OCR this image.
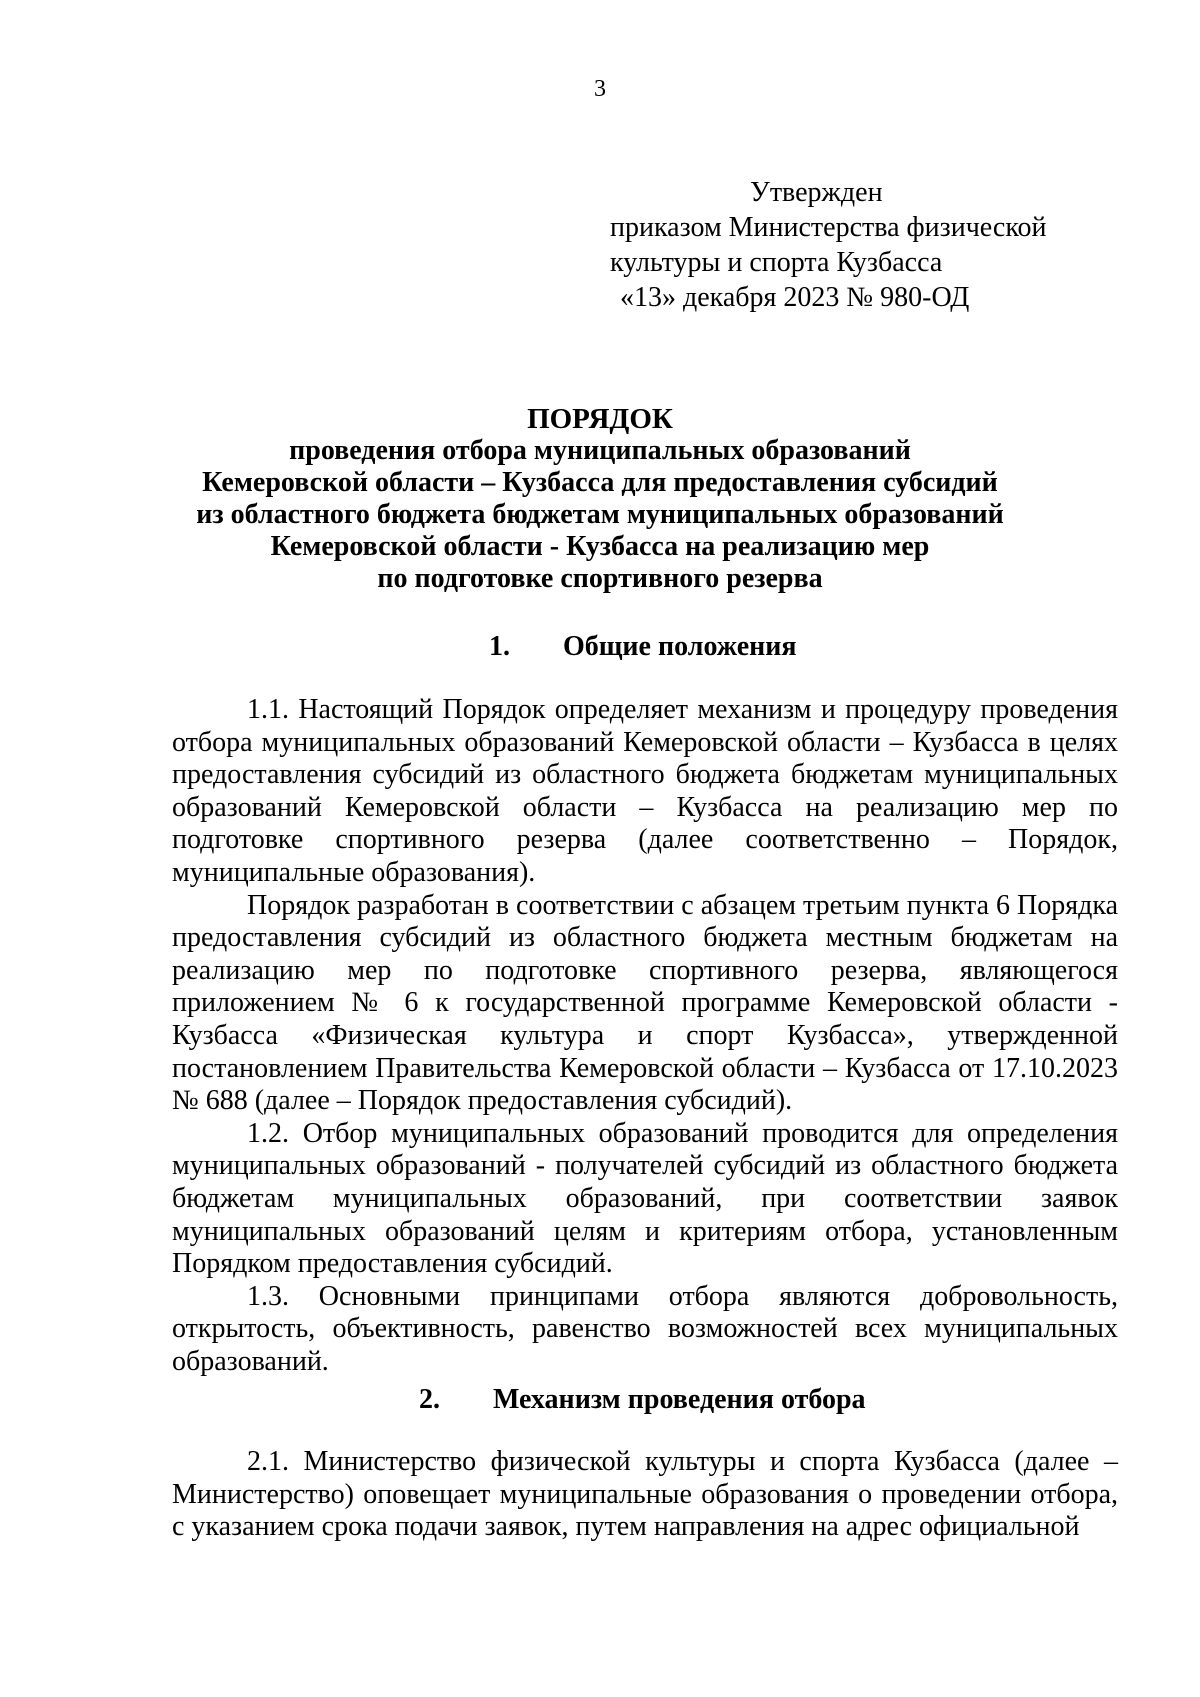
3
Утвержден
приказом Министерства физической
культуры и спорта Кузбасса
«13» декабря 2023 № 980-ОД
ПОРЯДОК
проведения отбора муниципальных образований
Кемеровской области – Кузбасса для предоставления субсидий
из областного бюджета бюджетам муниципальных образований
Кемеровской области - Кузбасса на реализацию мер
по подготовке спортивного резерва
1. Общие положения

1.1. Настоящий Порядок определяет механизм и процедуру проведения отбора муниципальных образований Кемеровской области – Кузбасса в целях предоставления субсидий из областного бюджета бюджетам муниципальных образований Кемеровской области – Кузбасса на реализацию мер по подготовке спортивного резерва (далее соответственно – Порядок, муниципальные образования).

Порядок разработан в соответствии с абзацем третьим пункта 6 Порядка предоставления субсидий из областного бюджета местным бюджетам на реализацию мер по подготовке спортивного резерва, являющегося приложением № 6 к государственной программе Кемеровской области - Кузбасса «Физическая культура и спорт Кузбасса», утвержденной постановлением Правительства Кемеровской области – Кузбасса от 17.10.2023 № 688 (далее – Порядок предоставления субсидий).

1.2. Отбор муниципальных образований проводится для определения муниципальных образований - получателей субсидий из областного бюджета бюджетам муниципальных образований, при соответствии заявок муниципальных образований целям и критериям отбора, установленным Порядком предоставления субсидий.

1.3. Основными принципами отбора являются добровольность, открытость, объективность, равенство возможностей всех муниципальных образований.

2. Механизм проведения отбора

2.1. Министерство физической культуры и спорта Кузбасса (далее – Министерство) оповещает муниципальные образования о проведении отбора, с указанием срока подачи заявок, путем направления на адрес официальной
